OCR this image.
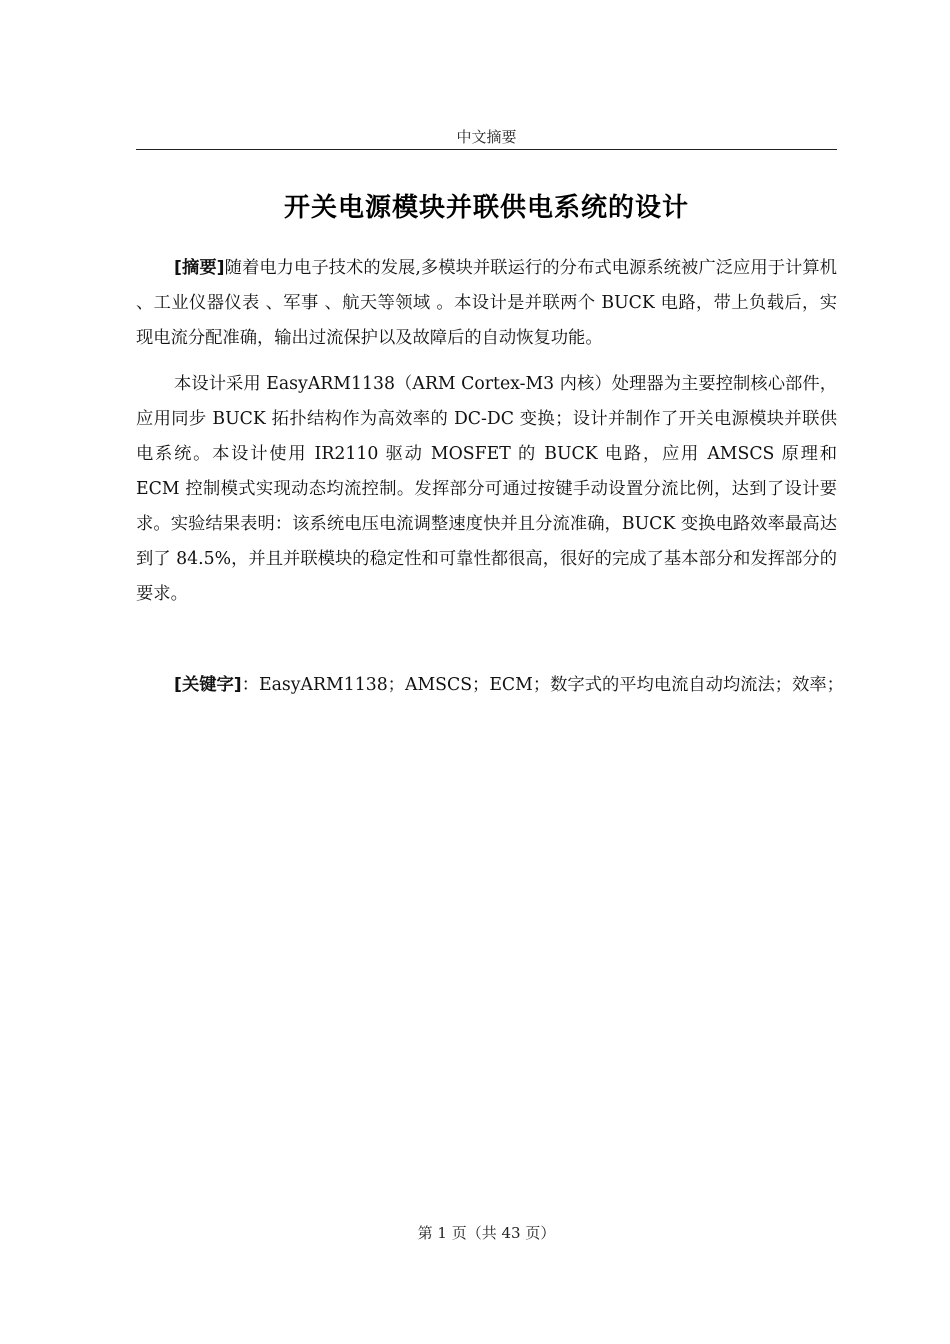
中文摘要
开关电源模块并联供电系统的设计

[摘要]随着电力电子技术的发展,多模块并联运行的分布式电源系统被广泛应用于计算机 、工业仪器仪表 、军事 、航天等领域 。本设计是并联两个 BUCK 电路，带上负载后，实现电流分配准确，输出过流保护以及故障后的自动恢复功能。

本设计采用 EasyARM1138（ARM Cortex-M3 内核）处理器为主要控制核心部件，应用同步 BUCK 拓扑结构作为高效率的 DC-DC 变换；设计并制作了开关电源模块并联供电系统。本设计使用 IR2110 驱动 MOSFET 的 BUCK 电路，应用 AMSCS 原理和 ECM 控制模式实现动态均流控制。发挥部分可通过按键手动设置分流比例，达到了设计要求。实验结果表明：该系统电压电流调整速度快并且分流准确，BUCK 变换电路效率最高达到了 84.5%，并且并联模块的稳定性和可靠性都很高，很好的完成了基本部分和发挥部分的要求。

[关键字]：EasyARM1138；AMSCS；ECM；数字式的平均电流自动均流法；效率；

第 1 页（共 43 页）
